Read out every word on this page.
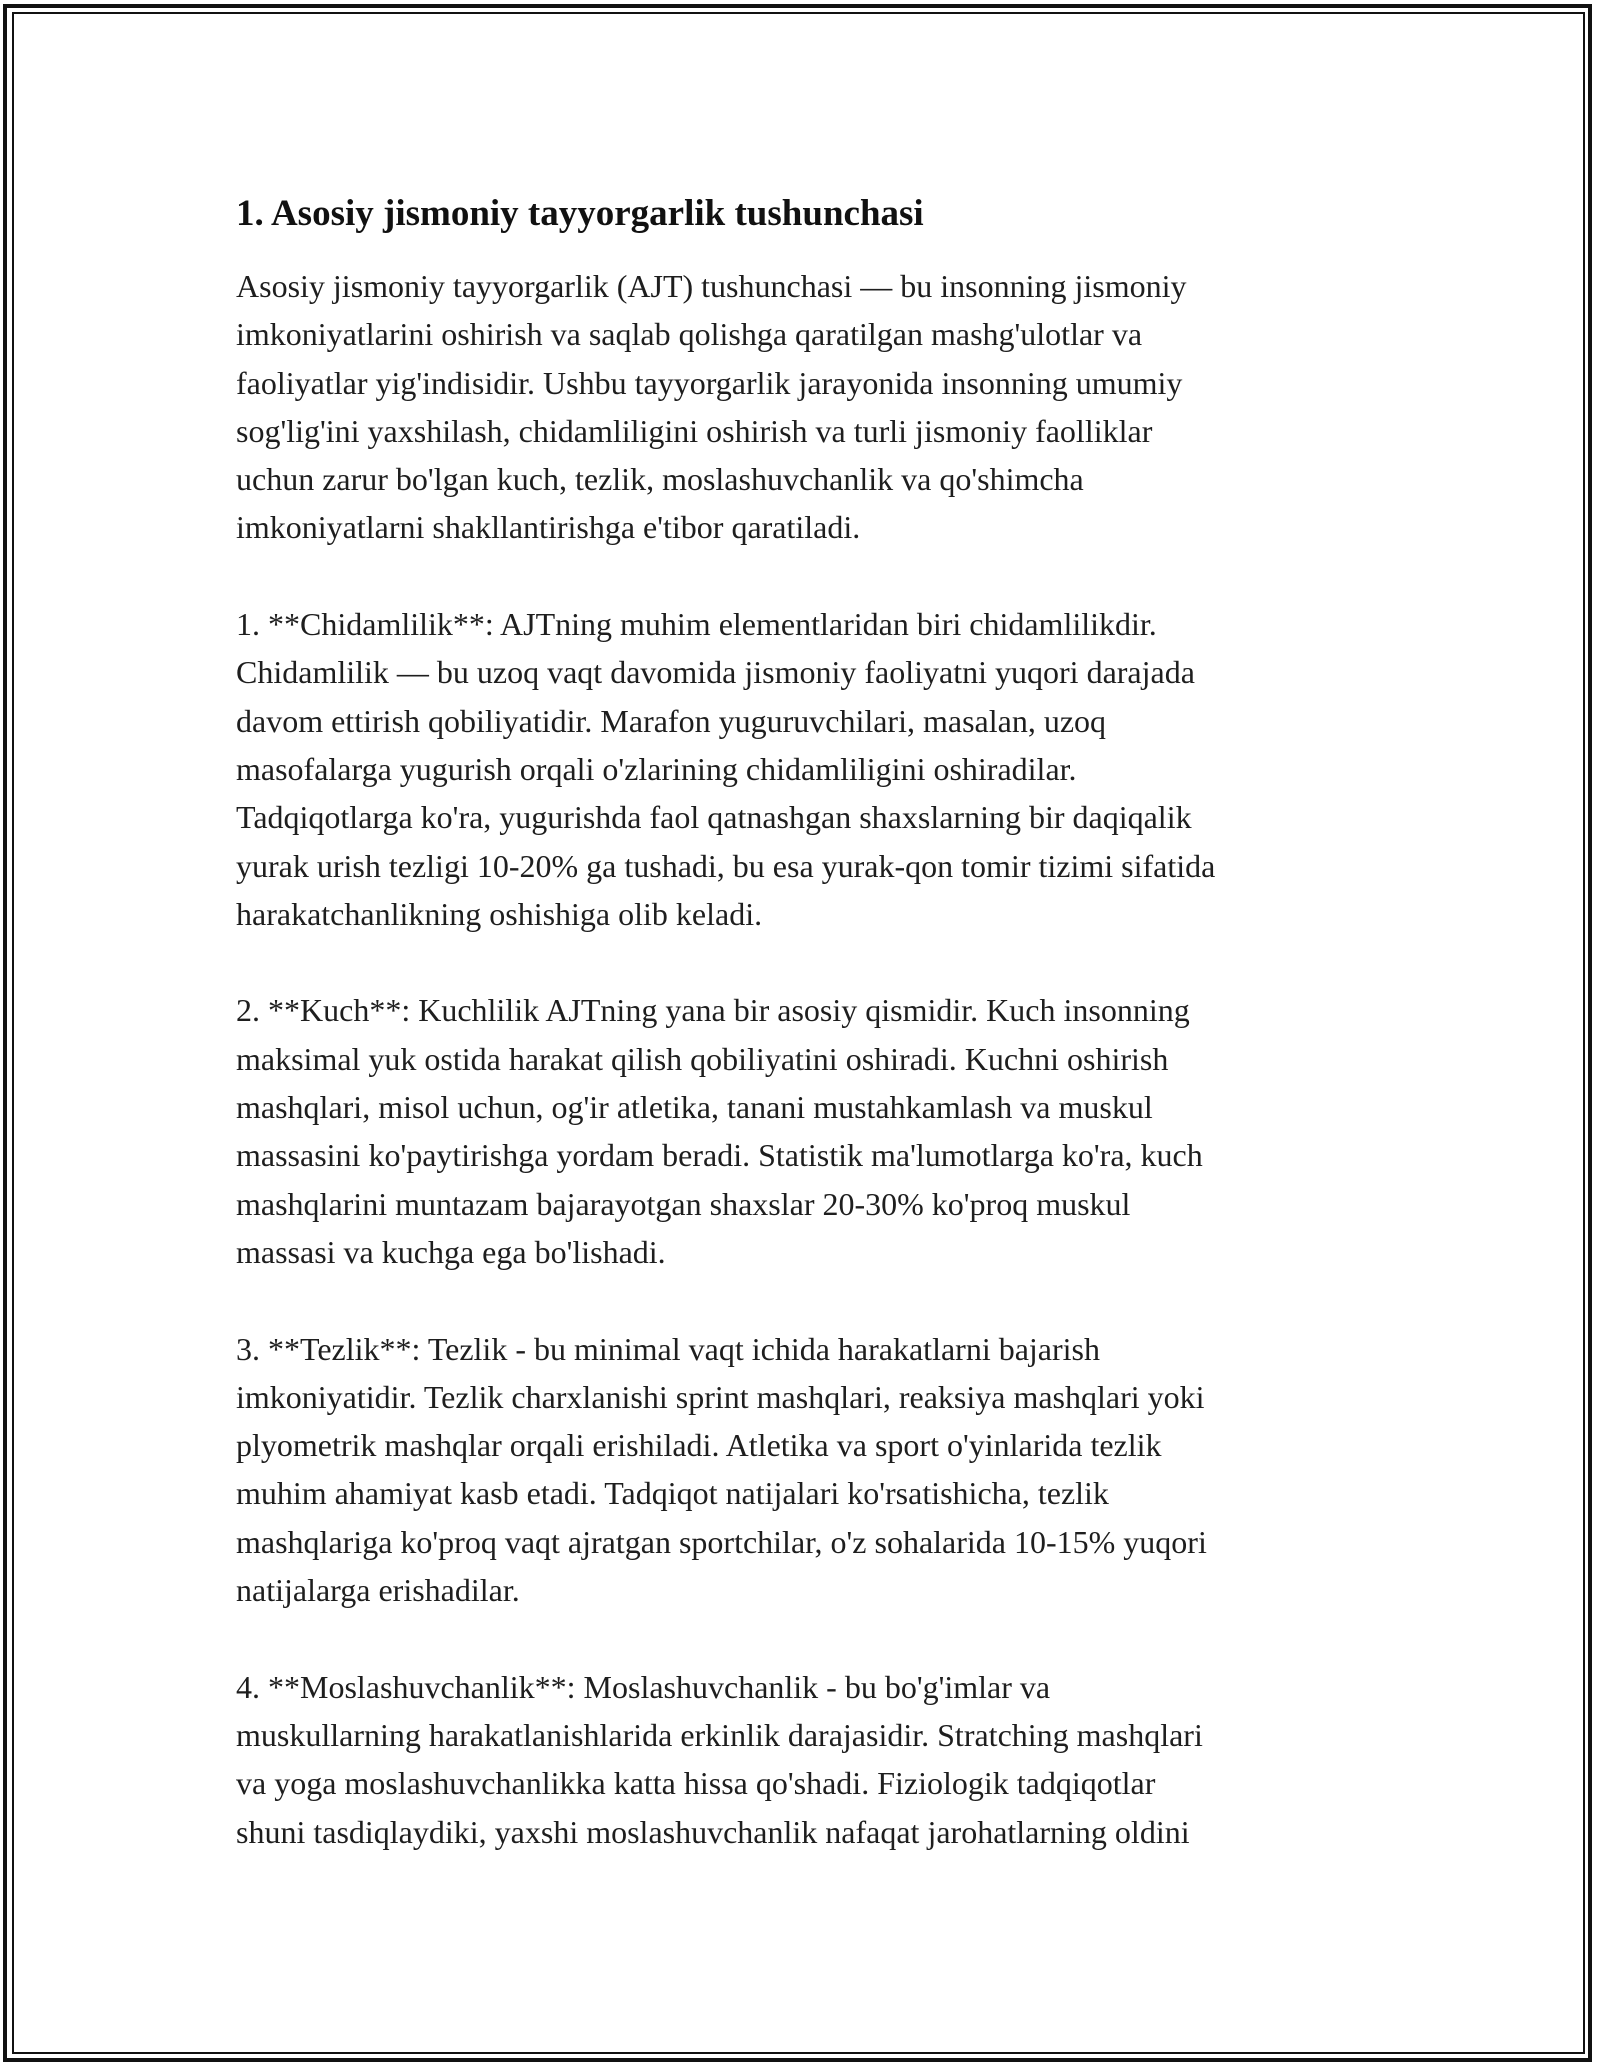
1. Asosiy jismoniy tayyorgarlik tushunchasi

Asosiy jismoniy tayyorgarlik (AJT) tushunchasi — bu insonning jismoniy
imkoniyatlarini oshirish va saqlab qolishga qaratilgan mashg'ulotlar va
faoliyatlar yig'indisidir. Ushbu tayyorgarlik jarayonida insonning umumiy
sog'lig'ini yaxshilash, chidamliligini oshirish va turli jismoniy faolliklar
uchun zarur bo'lgan kuch, tezlik, moslashuvchanlik va qo'shimcha
imkoniyatlarni shakllantirishga e'tibor qaratiladi.

1. **Chidamlilik**: AJTning muhim elementlaridan biri chidamlilikdir.
Chidamlilik — bu uzoq vaqt davomida jismoniy faoliyatni yuqori darajada
davom ettirish qobiliyatidir. Marafon yuguruvchilari, masalan, uzoq
masofalarga yugurish orqali o'zlarining chidamliligini oshiradilar.
Tadqiqotlarga ko'ra, yugurishda faol qatnashgan shaxslarning bir daqiqalik
yurak urish tezligi 10-20% ga tushadi, bu esa yurak-qon tomir tizimi sifatida
harakatchanlikning oshishiga olib keladi.

2. **Kuch**: Kuchlilik AJTning yana bir asosiy qismidir. Kuch insonning
maksimal yuk ostida harakat qilish qobiliyatini oshiradi. Kuchni oshirish
mashqlari, misol uchun, og'ir atletika, tanani mustahkamlash va muskul
massasini ko'paytirishga yordam beradi. Statistik ma'lumotlarga ko'ra, kuch
mashqlarini muntazam bajarayotgan shaxslar 20-30% ko'proq muskul
massasi va kuchga ega bo'lishadi.

3. **Tezlik**: Tezlik - bu minimal vaqt ichida harakatlarni bajarish
imkoniyatidir. Tezlik charxlanishi sprint mashqlari, reaksiya mashqlari yoki
plyometrik mashqlar orqali erishiladi. Atletika va sport o'yinlarida tezlik
muhim ahamiyat kasb etadi. Tadqiqot natijalari ko'rsatishicha, tezlik
mashqlariga ko'proq vaqt ajratgan sportchilar, o'z sohalarida 10-15% yuqori
natijalarga erishadilar.

4. **Moslashuvchanlik**: Moslashuvchanlik - bu bo'g'imlar va
muskullarning harakatlanishlarida erkinlik darajasidir. Stratching mashqlari
va yoga moslashuvchanlikka katta hissa qo'shadi. Fiziologik tadqiqotlar
shuni tasdiqlaydiki, yaxshi moslashuvchanlik nafaqat jarohatlarning oldini
